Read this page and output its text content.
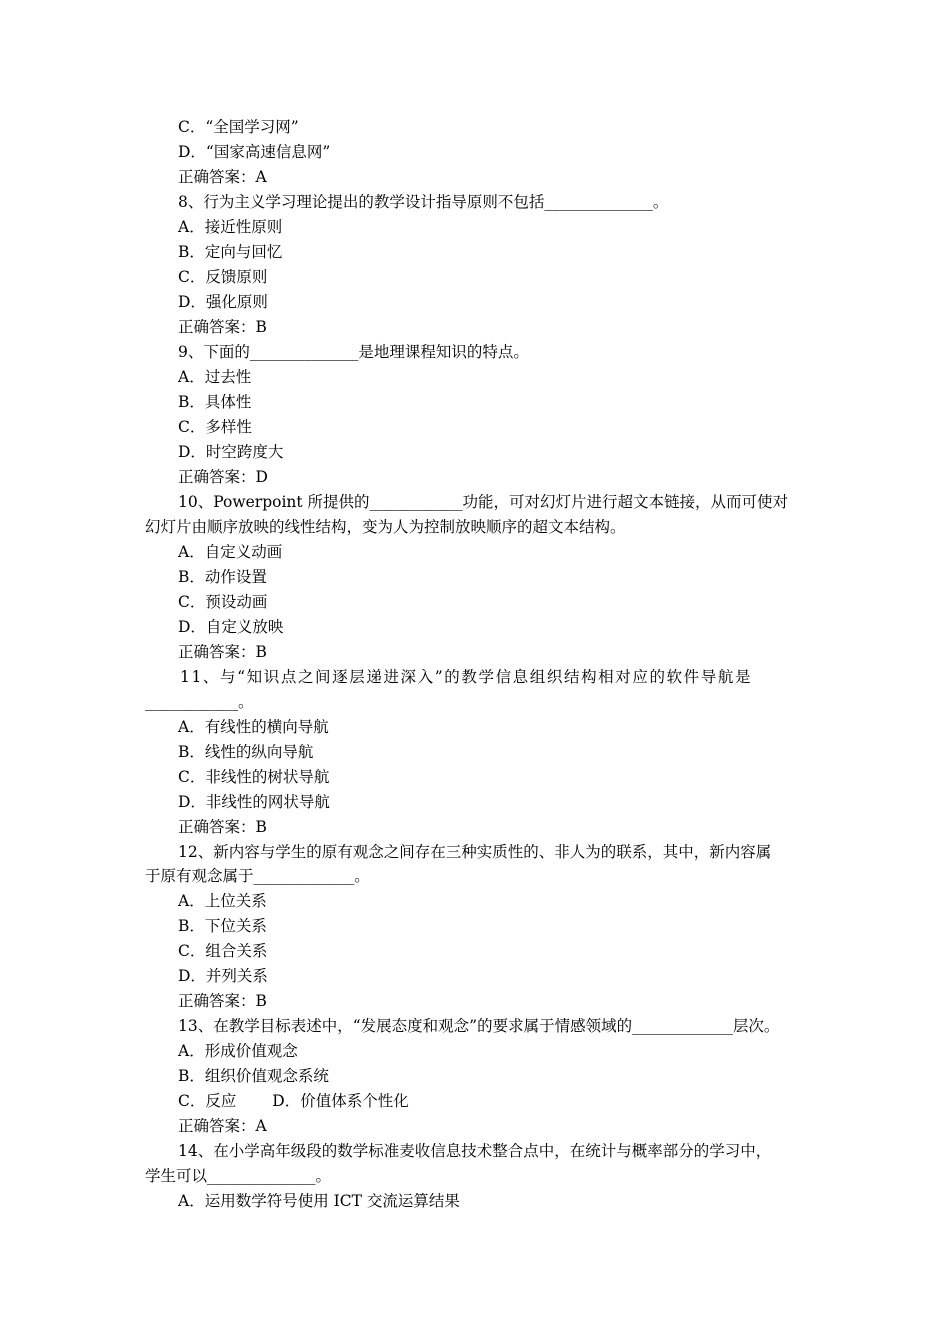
C．“全国学习网”
D．“国家高速信息网”
正确答案：A
8、行为主义学习理论提出的教学设计指导原则不包括______________。
A．接近性原则
B．定向与回忆
C．反馈原则
D．强化原则
正确答案：B
9、下面的______________是地理课程知识的特点。
A．过去性
B．具体性
C．多样性
D．时空跨度大
正确答案：D
10、Powerpoint 所提供的____________功能，可对幻灯片进行超文本链接，从而可使对
幻灯片由顺序放映的线性结构，变为人为控制放映顺序的超文本结构。
A．自定义动画
B．动作设置
C．预设动画
D．自定义放映
正确答案：B
11、与“知识点之间逐层递进深入”的教学信息组织结构相对应的软件导航是
____________。
A．有线性的横向导航
B．线性的纵向导航
C．非线性的树状导航
D．非线性的网状导航
正确答案：B
12、新内容与学生的原有观念之间存在三种实质性的、非人为的联系，其中，新内容属
于原有观念属于_____________。
A．上位关系
B．下位关系
C．组合关系
D．并列关系
正确答案：B
13、在教学目标表述中，“发展态度和观念”的要求属于情感领域的_____________层次。
A．形成价值观念
B．组织价值观念系统
C．反应　　 D．价值体系个性化
正确答案：A
14、在小学高年级段的数学标准麦收信息技术整合点中，在统计与概率部分的学习中，
学生可以______________。
A．运用数学符号使用 ICT 交流运算结果
